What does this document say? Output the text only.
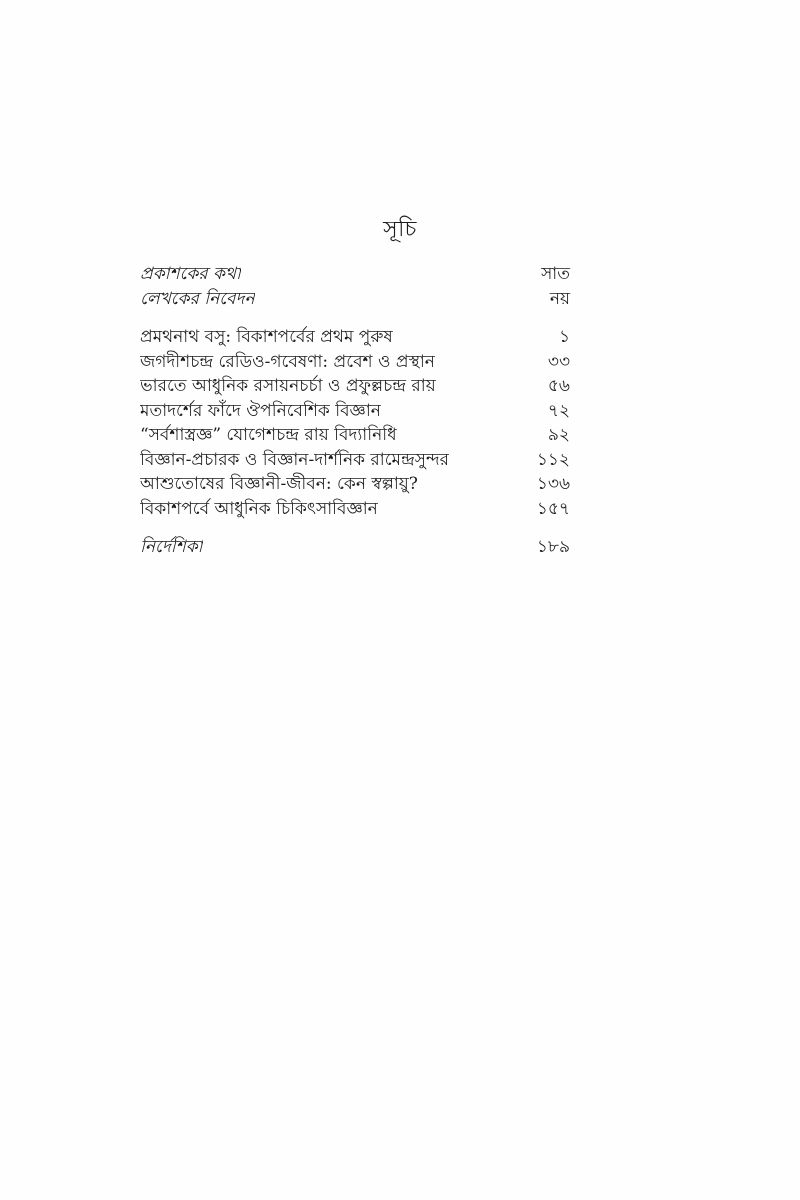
সূচি
প্রকাশকের কথা	সাত
লেখকের নিবেদন	নয়
প্রমথনাথ বসু: বিকাশপর্বের প্রথম পুরুষ	১
জগদীশচন্দ্র রেডিও-গবেষণা: প্রবেশ ও প্রস্থান	৩৩
ভারতে আধুনিক রসায়নচর্চা ও প্রফুল্লচন্দ্র রায়	৫৬
মতাদর্শের ফাঁদে ঔপনিবেশিক বিজ্ঞান	৭২
“সর্বশাস্ত্রজ্ঞ” যোগেশচন্দ্র রায় বিদ্যানিধি	৯২
বিজ্ঞান-প্রচারক ও বিজ্ঞান-দার্শনিক রামেন্দ্রসুন্দর	১১২
আশুতোষের বিজ্ঞানী-জীবন: কেন স্বল্পায়ু?	১৩৬
বিকাশপর্বে আধুনিক চিকিৎসাবিজ্ঞান	১৫৭
নির্দেশিকা	১৮৯
